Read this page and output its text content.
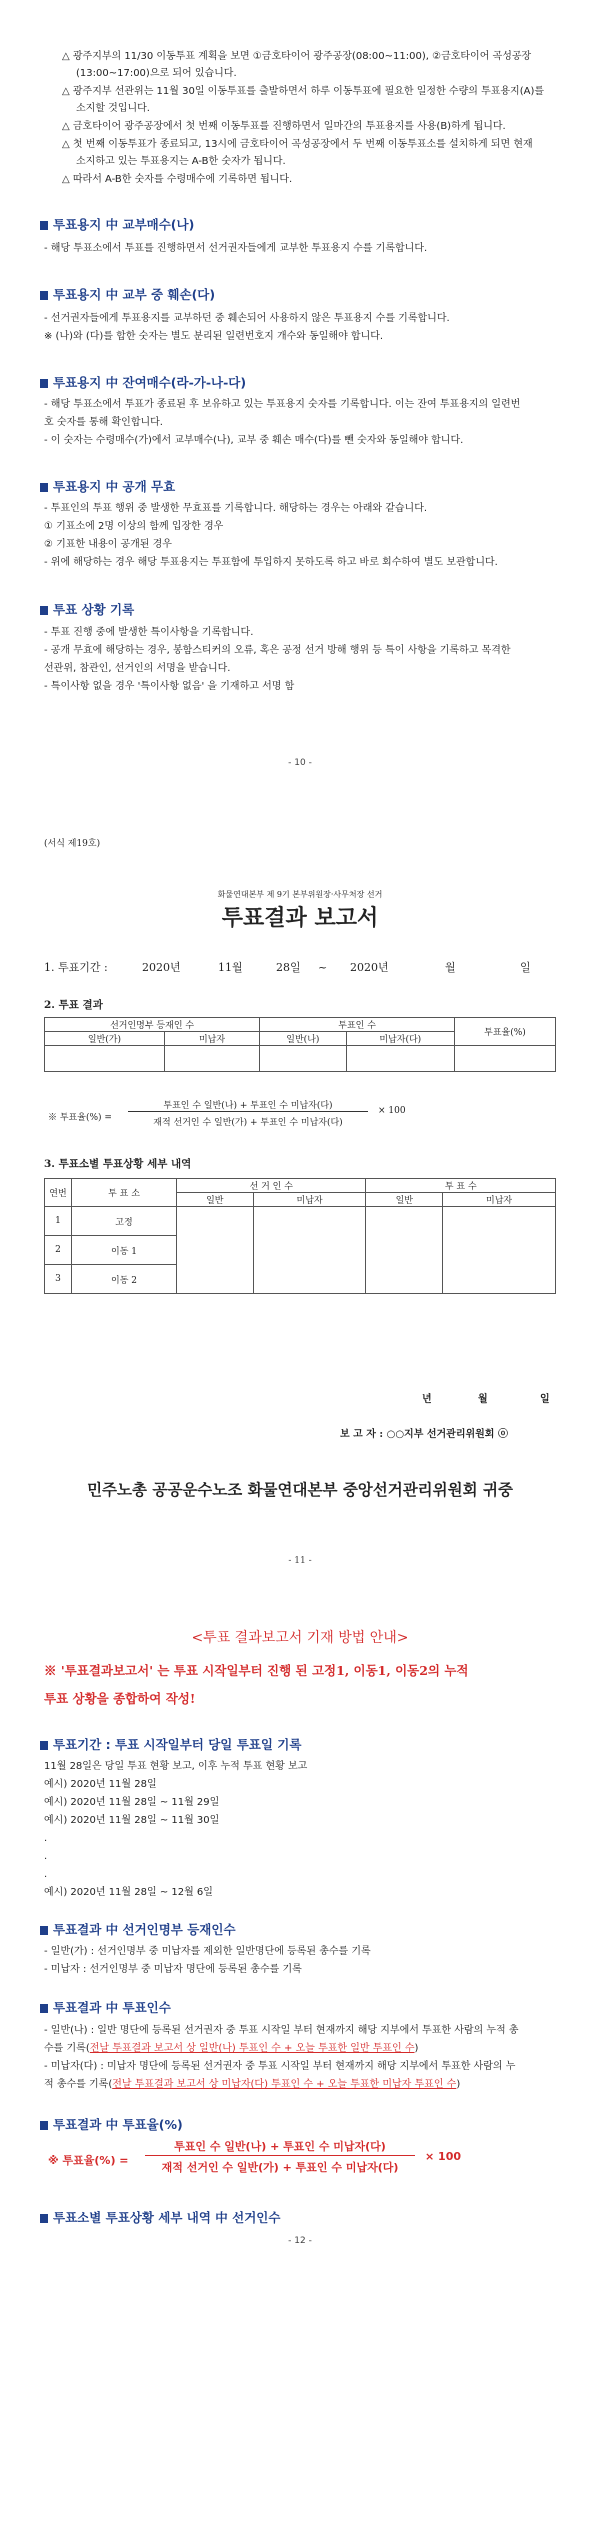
△ 광주지부의 11/30 이동투표 계획을 보면 ①금호타이어 광주공장(08:00~11:00), ②금호타이어 곡성공장
(13:00~17:00)으로 되어 있습니다.
△ 광주지부 선관위는 11월 30일 이동투표를 출발하면서 하루 이동투표에 필요한 일정한 수량의 투표용지(A)를
소지할 것입니다.
△ 금호타이어 광주공장에서 첫 번째 이동투표를 진행하면서 일마간의 투표용지를 사용(B)하게 됩니다.
△ 첫 번째 이동투표가 종료되고, 13시에 금호타이어 곡성공장에서 두 번째 이동투표소를 설치하게 되면 현재
소지하고 있는 투표용지는 A-B한 숫자가 됩니다.
△ 따라서 A-B한 숫자를 수령매수에 기록하면 됩니다.
투표용지 中 교부매수(나)
- 해당 투표소에서 투표를 진행하면서 선거권자들에게 교부한 투표용지 수를 기록합니다.
투표용지 中 교부 중 훼손(다)
- 선거권자들에게 투표용지를 교부하던 중 훼손되어 사용하지 않은 투표용지 수를 기록합니다.
※ (나)와 (다)를 합한 숫자는 별도 분리된 일련번호지 개수와 동일해야 합니다.
투표용지 中 잔여매수(라-가-나-다)
- 해당 투표소에서 투표가 종료된 후 보유하고 있는 투표용지 숫자를 기록합니다. 이는 잔여 투표용지의 일련번
호 숫자를 통해 확인합니다.
- 이 숫자는 수령매수(가)에서 교부매수(나), 교부 중 훼손 매수(다)를 뺀 숫자와 동일해야 합니다.
투표용지 中 공개 무효
- 투표인의 투표 행위 중 발생한 무효표를 기록합니다. 해당하는 경우는 아래와 같습니다.
① 기표소에 2명 이상의 함께 입장한 경우
② 기표한 내용이 공개된 경우
- 위에 해당하는 경우 해당 투표용지는 투표함에 투입하지 못하도록 하고 바로 회수하여 별도 보관합니다.
투표 상황 기록
- 투표 진행 중에 발생한 특이사항을 기록합니다.
- 공개 무효에 해당하는 경우, 봉함스티커의 오류, 혹은 공정 선거 방해 행위 등 특이 사항을 기록하고 목격한
선관위, 참관인, 선거인의 서명을 받습니다.
- 특이사항 없을 경우 '특이사항 없음' 을 기재하고 서명 함
- 10 -
(서식 제19호)
화물연대본부 제 9기 본부위원장·사무처장 선거
투표결과 보고서
1. 투표기간 :	2020년	11월	28일 ~ 2020년	월	일
2. 투표 결과
선거인명부 등재인 수		투표인 수		투표율(%)
일반(가)	미납자	일반(나)	미납자(다)	

※ 투표율(%) =
투표인 수 일반(나) + 투표인 수 미납자(다)
재적 선거인 수 일반(가) + 투표인 수 미납자(다)
× 100
3. 투표소별 투표상황 세부 내역
연번	투 표 소	선 거 인 수		투 표 수	
		일반	미납자	일반	미납자
1	고정				
2	이동 1				
3	이동 2				
년	월	일
보 고 자 : ○○지부 선거관리위원회 ⓞ
민주노총 공공운수노조 화물연대본부 중앙선거관리위원회 귀중
- 11 -
<투표 결과보고서 기재 방법 안내>
※ '투표결과보고서' 는 투표 시작일부터 진행 된 고정1, 이동1, 이동2의 누적
투표 상황을 종합하여 작성!
투표기간 : 투표 시작일부터 당일 투표일 기록
11월 28일은 당일 투표 현황 보고, 이후 누적 투표 현황 보고
예시) 2020년 11월 28일
예시) 2020년 11월 28일 ~ 11월 29일
예시) 2020년 11월 28일 ~ 11월 30일
.
.
.
예시) 2020년 11월 28일 ~ 12월 6일
투표결과 中 선거인명부 등재인수
- 일반(가) : 선거인명부 중 미납자를 제외한 일반명단에 등록된 총수를 기록
- 미납자 : 선거인명부 중 미납자 명단에 등록된 총수를 기록
투표결과 中 투표인수
- 일반(나) : 일반 명단에 등록된 선거권자 중 투표 시작일 부터 현재까지 해당 지부에서 투표한 사람의 누적 총
수를 기록(전날 투표결과 보고서 상 일반(나) 투표인 수 + 오늘 투표한 일반 투표인 수)
- 미납자(다) : 미납자 명단에 등록된 선거권자 중 투표 시작일 부터 현재까지 해당 지부에서 투표한 사람의 누
적 총수를 기록(전날 투표결과 보고서 상 미납자(다) 투표인 수 + 오늘 투표한 미납자 투표인 수)
투표결과 中 투표율(%)
※ 투표율(%) =
투표인 수 일반(나) + 투표인 수 미납자(다)
재적 선거인 수 일반(가) + 투표인 수 미납자(다)
× 100
투표소별 투표상황 세부 내역 中 선거인수
- 12 -
